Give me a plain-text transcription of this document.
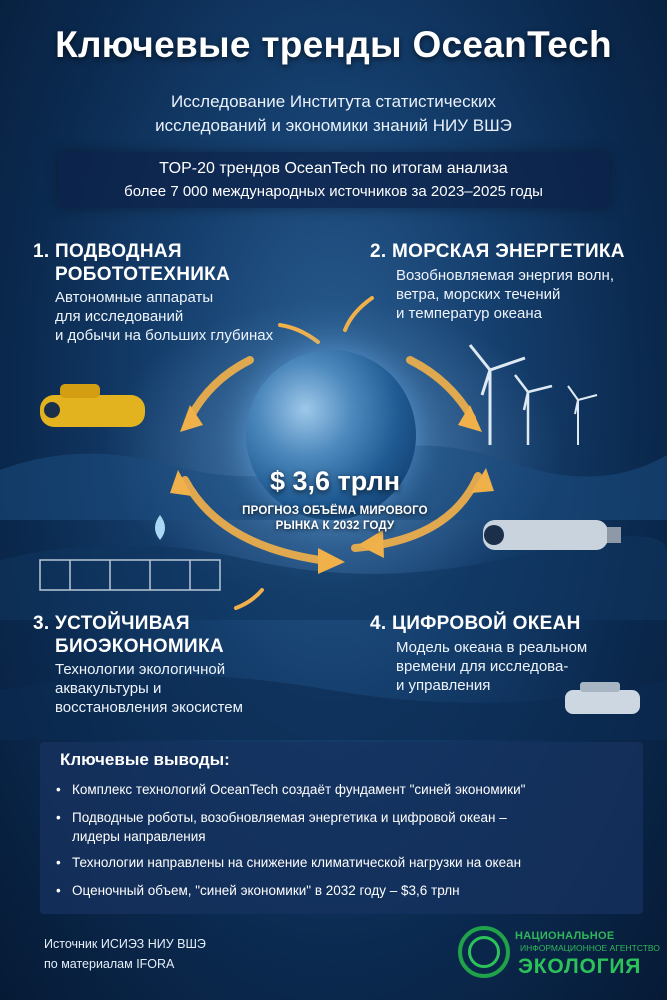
Ключевые тренды OceanTech
Исследование Института статистических
исследований и экономики знаний НИУ ВШЭ
TOP-20 трендов OceanTech по итогам анализа
более 7 000 международных источников за 2023–2025 годы
$ 3,6 трлн
ПРОГНОЗ ОБЪЁМА МИРОВОГО
РЫНКА К 2032 ГОДУ
1. ПОДВОДНАЯ
РОБОТОТЕХНИКА
Автономные аппараты
для исследований
и добычи на больших глубинах
2. МОРСКАЯ ЭНЕРГЕТИКА
Возобновляемая энергия волн,
ветра, морских течений
и температур океана
3. УСТОЙЧИВАЯ
БИОЭКОНОМИКА
Технологии экологичной
аквакультуры и
восстановления экосистем
4. ЦИФРОВОЙ ОКЕАН
Модель океана в реальном
времени для исследова-
и управления
Ключевые выводы:
• Комплекс технологий OceanTech создаёт фундамент "синей экономики"
• Подводные роботы, возобновляемая энергетика и цифровой океан –
лидеры направления
• Технологии направлены на снижение климатической нагрузки на океан
• Оценочный объем, "синей экономики" в 2032 году – $3,6 трлн
Источник ИСИЭЗ НИУ ВШЭ
по материалам IFORA
НАЦИОНАЛЬНОЕ
ИНФОРМАЦИОННОЕ АГЕНТСТВО
ЭКОЛОГИЯ
